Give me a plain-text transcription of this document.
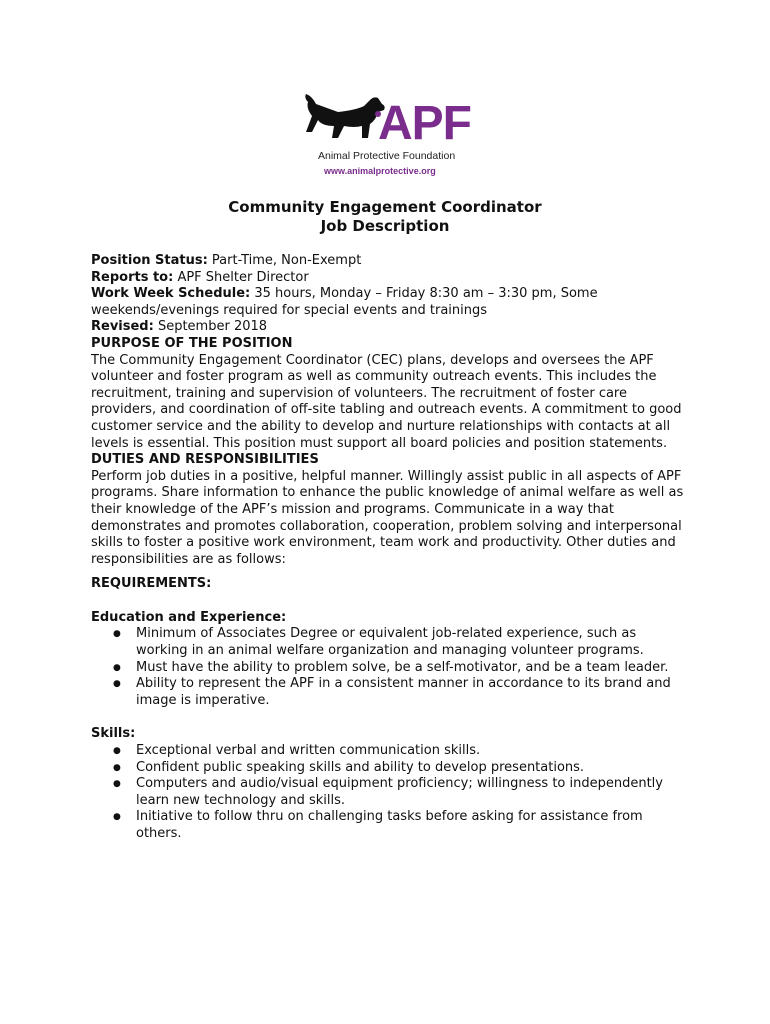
APF
Animal Protective Foundation
www.animalprotective.org
Community Engagement Coordinator
Job Description

Position Status: Part-Time, Non-Exempt

Reports to: APF Shelter Director

Work Week Schedule: 35 hours, Monday – Friday 8:30 am – 3:30 pm, Some weekends/evenings required for special events and trainings

Revised: September 2018

PURPOSE OF THE POSITION

The Community Engagement Coordinator (CEC) plans, develops and oversees the APF volunteer and foster program as well as community outreach events. This includes the recruitment, training and supervision of volunteers. The recruitment of foster care providers, and coordination of off-site tabling and outreach events. A commitment to good customer service and the ability to develop and nurture relationships with contacts at all levels is essential. This position must support all board policies and position statements.

DUTIES AND RESPONSIBILITIES

Perform job duties in a positive, helpful manner. Willingly assist public in all aspects of APF programs. Share information to enhance the public knowledge of animal welfare as well as their knowledge of the APF’s mission and programs. Communicate in a way that demonstrates and promotes collaboration, cooperation, problem solving and interpersonal skills to foster a positive work environment, team work and productivity. Other duties and responsibilities are as follows:

REQUIREMENTS:

Education and Experience:

● Minimum of Associates Degree or equivalent job-related experience, such as working in an animal welfare organization and managing volunteer programs.
● Must have the ability to problem solve, be a self-motivator, and be a team leader.
● Ability to represent the APF in a consistent manner in accordance to its brand and image is imperative.

Skills:

● Exceptional verbal and written communication skills.
● Confident public speaking skills and ability to develop presentations.
● Computers and audio/visual equipment proficiency; willingness to independently learn new technology and skills.
● Initiative to follow thru on challenging tasks before asking for assistance from others.
